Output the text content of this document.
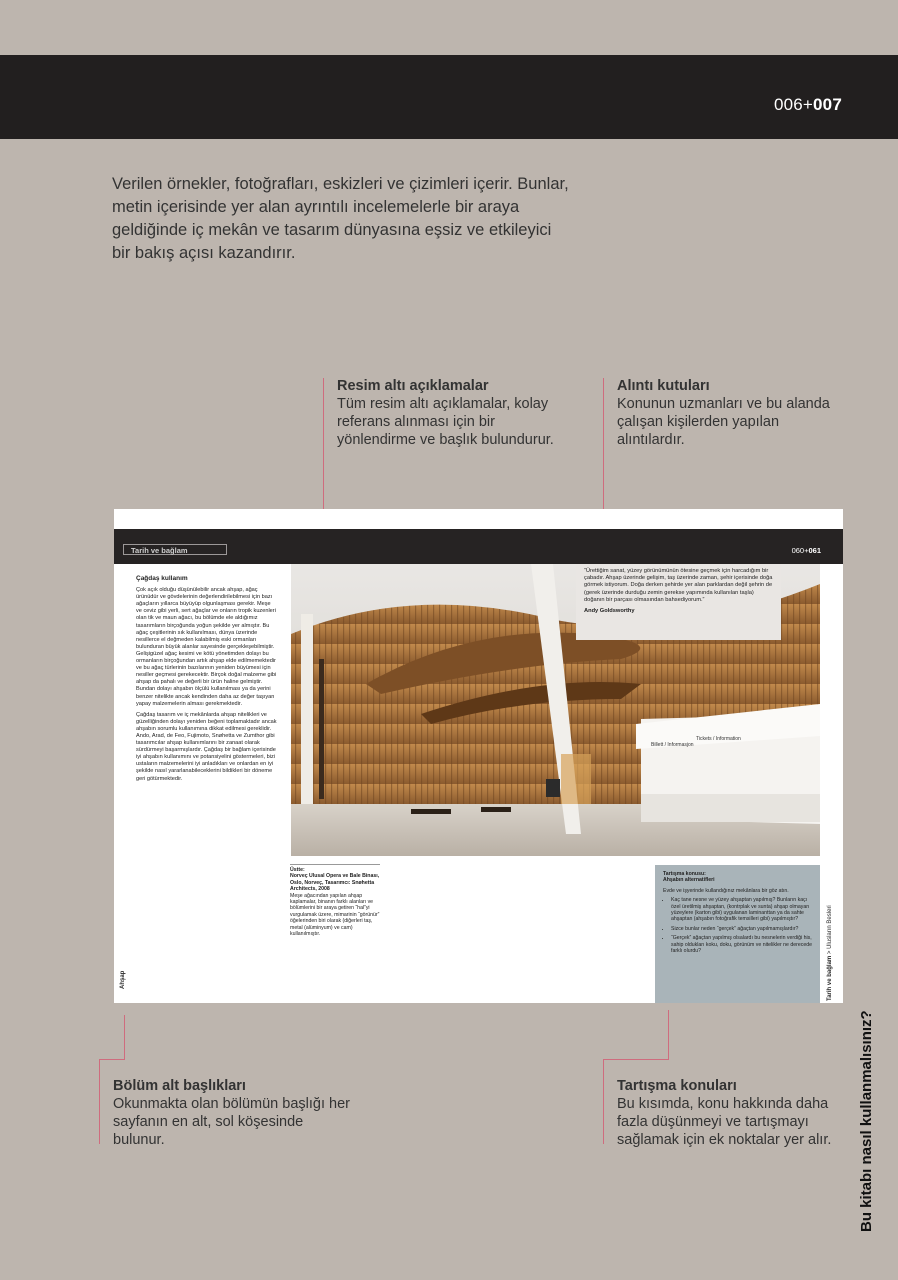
006+007
Verilen örnekler, fotoğrafları, eskizleri ve çizimleri içerir. Bunlar, metin içerisinde yer alan ayrıntılı incelemelerle bir araya geldiğinde iç mekân ve tasarım dünyasına eşsiz ve etkileyici bir bakış açısı kazandırır.
Resim altı açıklamalar
Tüm resim altı açıklamalar, kolay referans alınması için bir yönlendirme ve başlık bulundurur.
Alıntı kutuları
Konunun uzmanları ve bu alanda çalışan kişilerden yapılan alıntılardır.
Tarih ve bağlam	060+061
Çağdaş kullanım

Çok açık olduğu düşünülebilir ancak ahşap, ağaç ürünüdür ve gövdelerinin değerlendirilebilmesi için bazı ağaçların yıllarca büyüyüp olgunlaşması gerekir. Meşe ve ceviz gibi yerli, sert ağaçlar ve onların tropik kuzenleri olan tik ve maun ağacı, bu bölümde ele aldığımız tasarımların birçoğunda yoğun şekilde yer almıştır. Bu ağaç çeşitlerinin sık kullanılması, dünya üzerinde nesillerce el değmeden kalabilmiş eski ormanları bulunduran büyük alanlar sayesinde gerçekleşebilmiştir. Gelişigüzel ağaç kesimi ve kötü yönetimden dolayı bu ormanların birçoğundan artık ahşap elde edilmemektedir ve bu ağaç türlerinin bazılarının yeniden büyümesi için nesiller geçmesi gerekecektir. Birçok doğal malzeme gibi ahşap da pahalı ve değerli bir ürün haline gelmiştir. Bundan dolayı ahşabın ölçülü kullanılması ya da yerini benzer nitelikte ancak kendinden daha az değer taşıyan yapay malzemelerin alması gerekmektedir.

Çağdaş tasarım ve iç mekânlarda ahşap nitelikleri ve güzelliğinden dolayı yeniden beğeni toplamaktadır ancak ahşabın sorumlu kullanımına dikkat edilmesi gereklidir. Ando, Arad, de Feo, Fujimoto, Snøhetta ve Zumthor gibi tasarımcılar ahşap kullanımlarını bir zanaat olarak sürdürmeyi başarmışlardır. Çağdaş bir bağlam içerisinde iyi ahşabın kullanımını ve potansiyelini göstermeleri, bizi ustaların malzemelerini iyi anladıkları ve onlardan en iyi şekilde nasıl yararlanabileceklerini bildikleri bir döneme geri götürmektedir.

Tickets / Information
Billett / Informasjon
“Ürettiğim sanat, yüzey görünümünün ötesine geçmek için harcadığım bir çabadır. Ahşap üzerinde gelişim, taş üzerinde zaman, şehir içerisinde doğa görmek istiyorum. Doğa derken şehirde yer alan parklardan değil şehrin de (gerek üzerinde durduğu zemin gerekse yapımında kullanılan taşla) doğanın bir parçası olmasından bahsediyorum.”
Andy Goldsworthy
Üstte:
Norveç Ulusal Opera ve Bale Binası, Oslo, Norveç, Tasarımcı: Snøhetta Architects, 2008
Meşe ağacından yapılan ahşap kaplamalar, binanın farklı alanları ve bölümlerini bir araya getiren “hal”yi vurgulamak üzere, mimarinin “görünür” öğelerinden biri olarak (diğerleri taş, metal (alüminyum) ve cam) kullanılmıştır.
Tartışma konusu:
Ahşabın alternatifleri
Evde ve işyerinde kullandığınız mekânlara bir göz atın.
• Kaç tane nesne ve yüzey ahşaptan yapılmış? Bunların kaçı özel üretilmiş ahşaptan, (kontrplak ve sunta) ahşap olmayan yüzeylere (karton gibi) uygulanan laminanttan ya da sahte ahşaptan (ahşabın fotoğrafik temsilleri gibi) yapılmıştır?
• Sizce bunlar neden “gerçek” ağaçtan yapılmamışlardır?
• “Gerçek” ağaçtan yapılmış olsalardı bu nesnelerin verdiği his, sahip oldukları koku, doku, görünüm ve nitelikler ne derecede farklı olurdu?
Ahşap	Tarih ve bağlam > Ulusların Besleri
Bölüm alt başlıkları
Okunmakta olan bölümün başlığı her sayfanın en alt, sol köşesinde bulunur.
Tartışma konuları
Bu kısımda, konu hakkında daha fazla düşünmeyi ve tartışmayı sağlamak için ek noktalar yer alır.	Bu kitabı nasıl kullanmalısınız?
